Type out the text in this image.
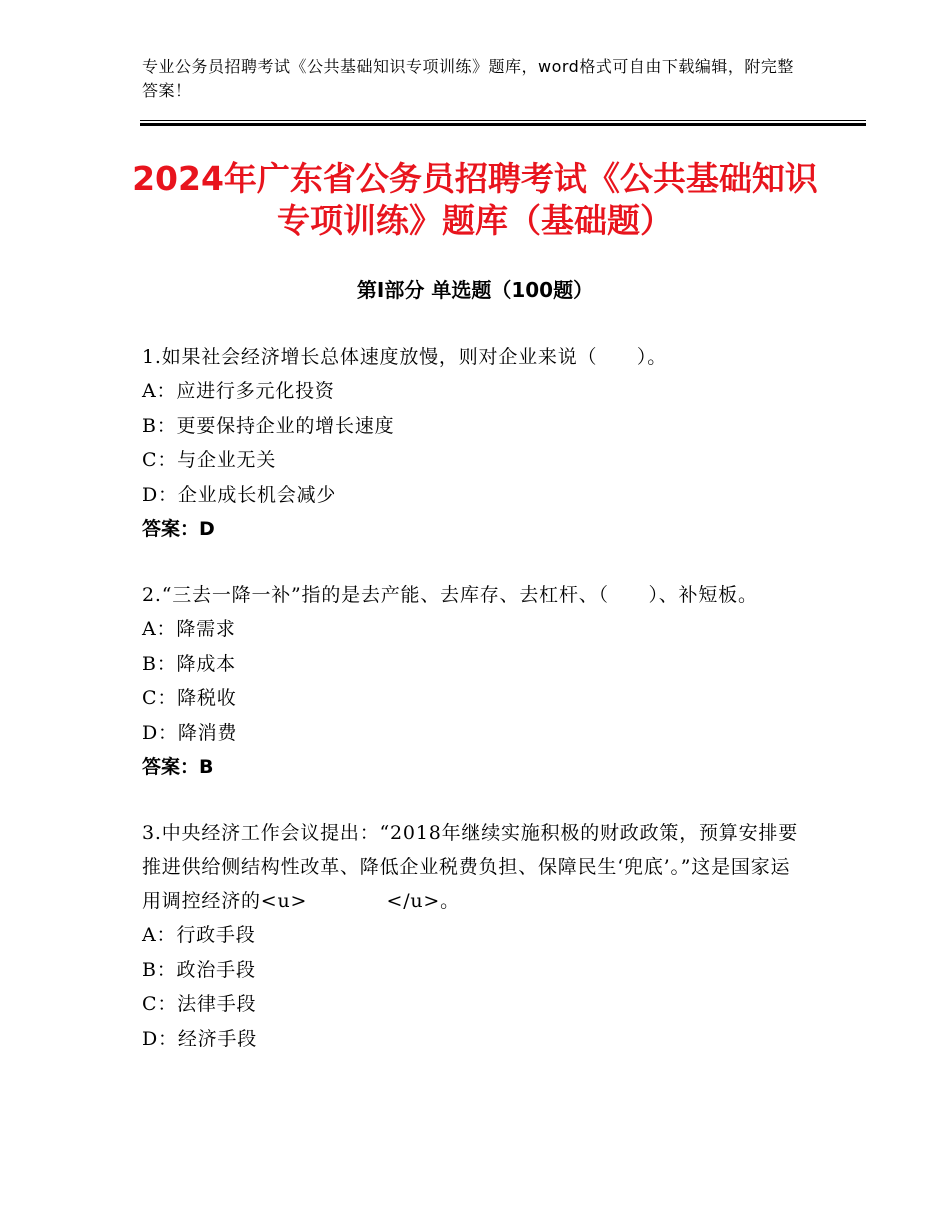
专业公务员招聘考试《公共基础知识专项训练》题库，word格式可自由下载编辑，附完整答案！
2024年广东省公务员招聘考试《公共基础知识专项训练》题库（基础题）
第Ⅰ部分 单选题（100题）
1.如果社会经济增长总体速度放慢，则对企业来说（　　）。
A：应进行多元化投资
B：更要保持企业的增长速度
C：与企业无关
D：企业成长机会减少
答案：D
2.“三去一降一补”指的是去产能、去库存、去杠杆、（　　）、补短板。
A：降需求
B：降成本
C：降税收
D：降消费
答案：B
3.中央经济工作会议提出：“2018年继续实施积极的财政政策，预算安排要推进供给侧结构性改革、降低企业税费负担、保障民生‘兜底’。”这是国家运用调控经济的<u>　　　　</u>。
A：行政手段
B：政治手段
C：法律手段
D：经济手段
